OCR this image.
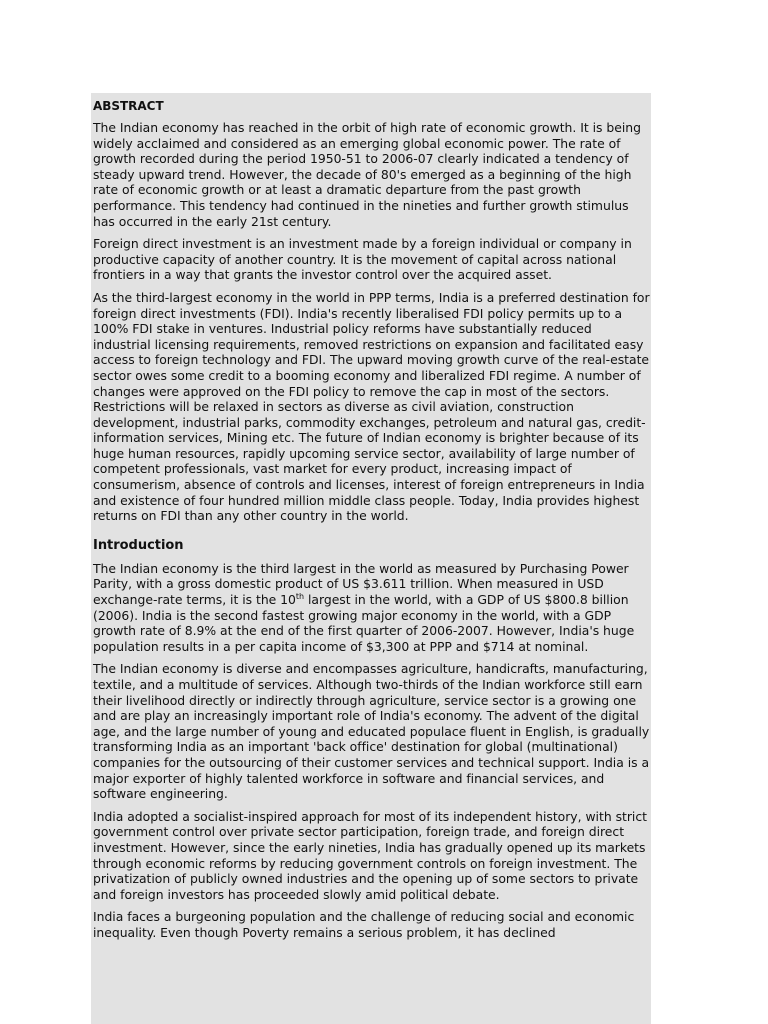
ABSTRACT

The Indian economy has reached in the orbit of high rate of economic growth. It is being widely acclaimed and considered as an emerging global economic power. The rate of growth recorded during the period 1950-51 to 2006-07 clearly indicated a tendency of steady upward trend. However, the decade of 80's emerged as a beginning of the high rate of economic growth or at least a dramatic departure from the past growth performance. This tendency had continued in the nineties and further growth stimulus has occurred in the early 21st century.

Foreign direct investment is an investment made by a foreign individual or company in productive capacity of another country. It is the movement of capital across national frontiers in a way that grants the investor control over the acquired asset.

As the third-largest economy in the world in PPP terms, India is a preferred destination for foreign direct investments (FDI). India's recently liberalised FDI policy permits up to a 100% FDI stake in ventures. Industrial policy reforms have substantially reduced industrial licensing requirements, removed restrictions on expansion and facilitated easy access to foreign technology and FDI. The upward moving growth curve of the real-estate sector owes some credit to a booming economy and liberalized FDI regime. A number of changes were approved on the FDI policy to remove the cap in most of the sectors. Restrictions will be relaxed in sectors as diverse as civil aviation, construction development, industrial parks, commodity exchanges, petroleum and natural gas, credit-information services, Mining etc. The future of Indian economy is brighter because of its huge human resources, rapidly upcoming service sector, availability of large number of competent professionals, vast market for every product, increasing impact of consumerism, absence of controls and licenses, interest of foreign entrepreneurs in India and existence of four hundred million middle class people. Today, India provides highest returns on FDI than any other country in the world.

Introduction

The Indian economy is the third largest in the world as measured by Purchasing Power Parity, with a gross domestic product of US $3.611 trillion. When measured in USD exchange-rate terms, it is the 10th largest in the world, with a GDP of US $800.8 billion (2006). India is the second fastest growing major economy in the world, with a GDP growth rate of 8.9% at the end of the first quarter of 2006-2007. However, India's huge population results in a per capita income of $3,300 at PPP and $714 at nominal.

The Indian economy is diverse and encompasses agriculture, handicrafts, manufacturing, textile, and a multitude of services. Although two-thirds of the Indian workforce still earn their livelihood directly or indirectly through agriculture, service sector is a growing one and are play an increasingly important role of India's economy. The advent of the digital age, and the large number of young and educated populace fluent in English, is gradually transforming India as an important 'back office' destination for global (multinational) companies for the outsourcing of their customer services and technical support. India is a major exporter of highly talented workforce in software and financial services, and software engineering.

India adopted a socialist-inspired approach for most of its independent history, with strict government control over private sector participation, foreign trade, and foreign direct investment. However, since the early nineties, India has gradually opened up its markets through economic reforms by reducing government controls on foreign investment. The privatization of publicly owned industries and the opening up of some sectors to private and foreign investors has proceeded slowly amid political debate.

India faces a burgeoning population and the challenge of reducing social and economic inequality. Even though Poverty remains a serious problem, it has declined
